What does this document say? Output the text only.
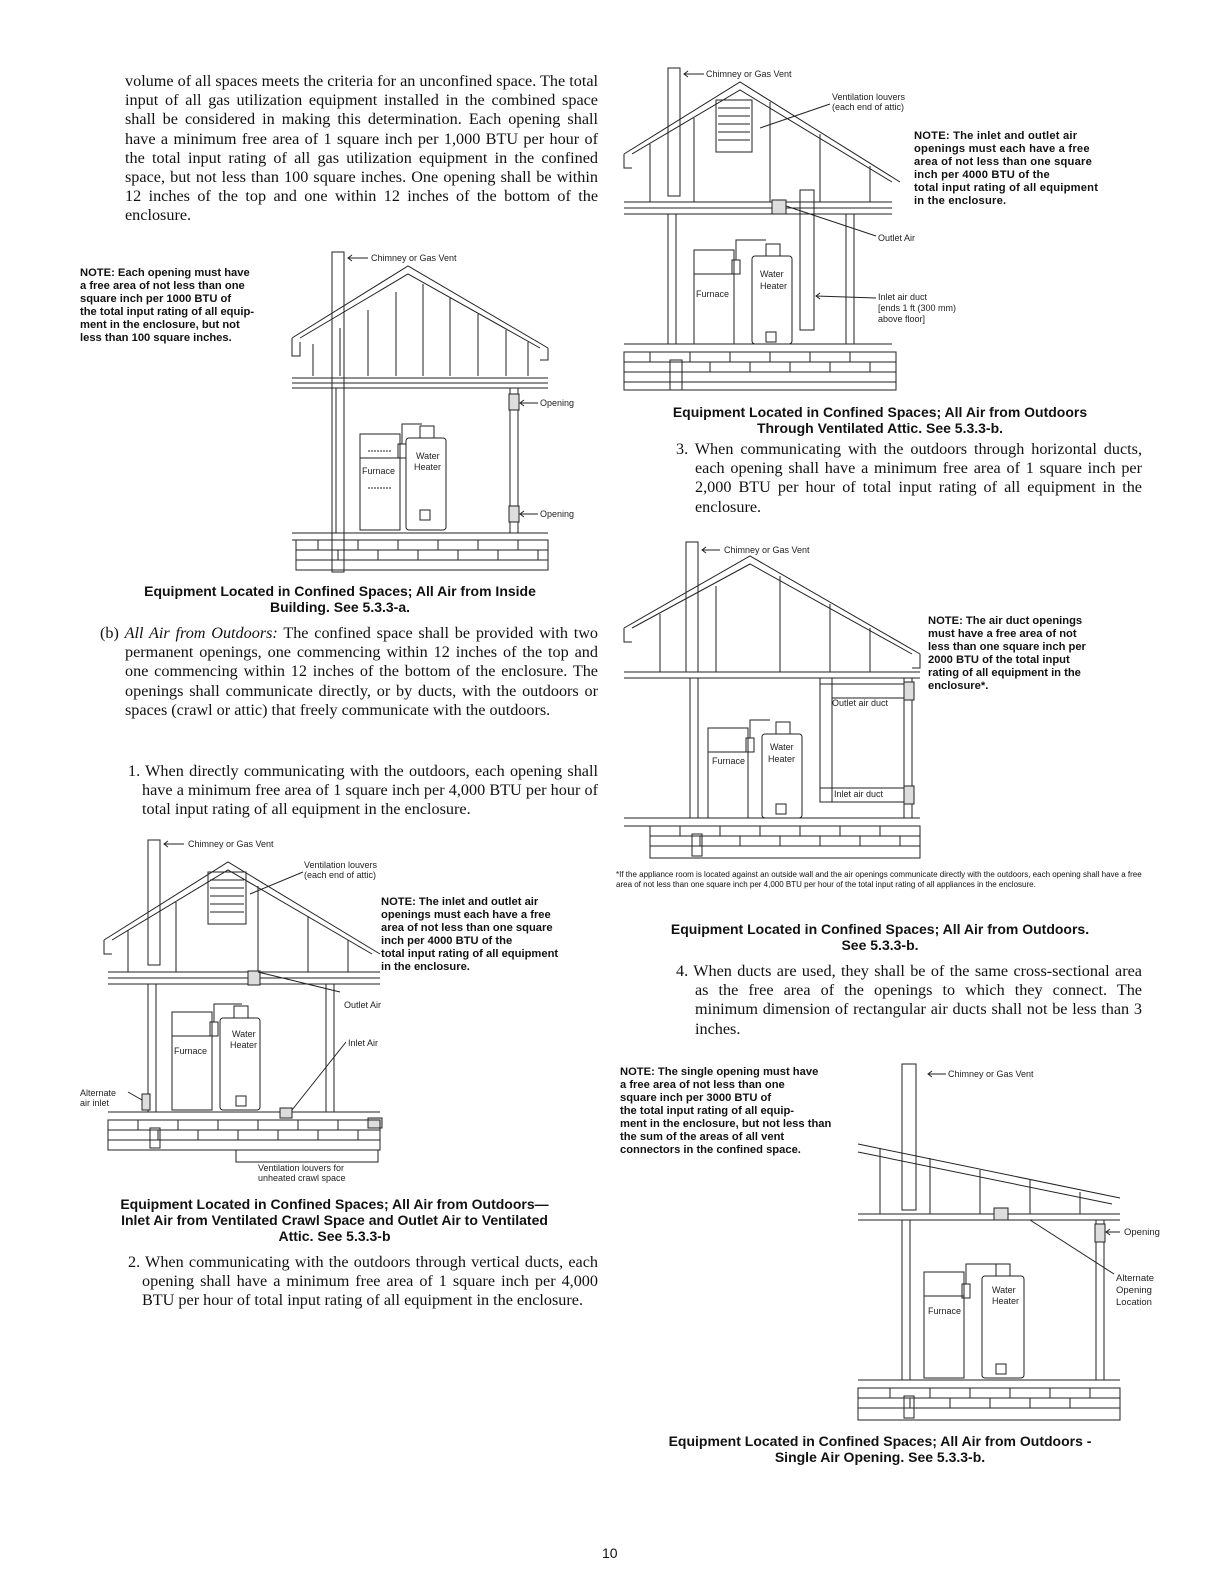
volume of all spaces meets the criteria for an unconfined space. The total input of all gas utilization equipment installed in the combined space shall be considered in making this determination. Each opening shall have a minimum free area of 1 square inch per 1,000 BTU per hour of the total input rating of all gas utilization equipment in the confined space, but not less than 100 square inches. One opening shall be within 12 inches of the top and one within 12 inches of the bottom of the enclosure.

NOTE: Each opening must have
a free area of not less than one
square inch per 1000 BTU of
the total input rating of all equip-
ment in the enclosure, but not
less than 100 square inches.
Chimney or Gas Vent
Opening
Opening
Water
Heater
Furnace
Equipment Located in Confined Spaces; All Air from Inside
Building. See 5.3.3-a.

(b) All Air from Outdoors: The confined space shall be provided with two permanent openings, one commencing within 12 inches of the top and one commencing within 12 inches of the bottom of the enclosure. The openings shall communicate directly, or by ducts, with the outdoors or spaces (crawl or attic) that freely communicate with the outdoors.

1. When directly communicating with the outdoors, each opening shall have a minimum free area of 1 square inch per 4,000 BTU per hour of total input rating of all equipment in the enclosure.

Chimney or Gas Vent
Ventilation louvers
(each end of attic)
Outlet Air
Inlet Air
Water
Heater
Furnace
Alternate
air inlet
Ventilation louvers for
unheated crawl space
NOTE: The inlet and outlet air
openings must each have a free
area of not less than one square
inch per 4000 BTU of the
total input rating of all equipment
in the enclosure.
Equipment Located in Confined Spaces; All Air from Outdoors—
Inlet Air from Ventilated Crawl Space and Outlet Air to Ventilated
Attic. See 5.3.3-b

2. When communicating with the outdoors through vertical ducts, each opening shall have a minimum free area of 1 square inch per 4,000 BTU per hour of total input rating of all equipment in the enclosure.

Chimney or Gas Vent
Ventilation louvers
(each end of attic)
Outlet Air
Inlet air duct
[ends 1 ft (300 mm)
above floor]
Water
Heater
Furnace
NOTE: The inlet and outlet air
openings must each have a free
area of not less than one square
inch per 4000 BTU of the
total input rating of all equipment
in the enclosure.
Equipment Located in Confined Spaces; All Air from Outdoors
Through Ventilated Attic. See 5.3.3-b.

3. When communicating with the outdoors through horizontal ducts, each opening shall have a minimum free area of 1 square inch per 2,000 BTU per hour of total input rating of all equipment in the enclosure.

Chimney or Gas Vent
Outlet air duct
Inlet air duct
Water
Heater
Furnace
NOTE: The air duct openings
must have a free area of not
less than one square inch per
2000 BTU of the total input
rating of all equipment in the
enclosure*.
*If the appliance room is located against an outside wall and the air openings communicate directly with the outdoors, each opening shall have a free area of not less than one square inch per 4,000 BTU per hour of the total input rating of all appliances in the enclosure.
Equipment Located in Confined Spaces; All Air from Outdoors.
See 5.3.3-b.

4. When ducts are used, they shall be of the same cross-sectional area as the free area of the openings to which they connect. The minimum dimension of rectangular air ducts shall not be less than 3 inches.

NOTE: The single opening must have
a free area of not less than one
square inch per 3000 BTU of
the total input rating of all equip-
ment in the enclosure, but not less than
the sum of the areas of all vent
connectors in the confined space.
Chimney or Gas Vent
Opening
Alternate
Opening
Location
Water
Heater
Furnace
Equipment Located in Confined Spaces; All Air from Outdoors -
Single Air Opening. See 5.3.3-b.
10
